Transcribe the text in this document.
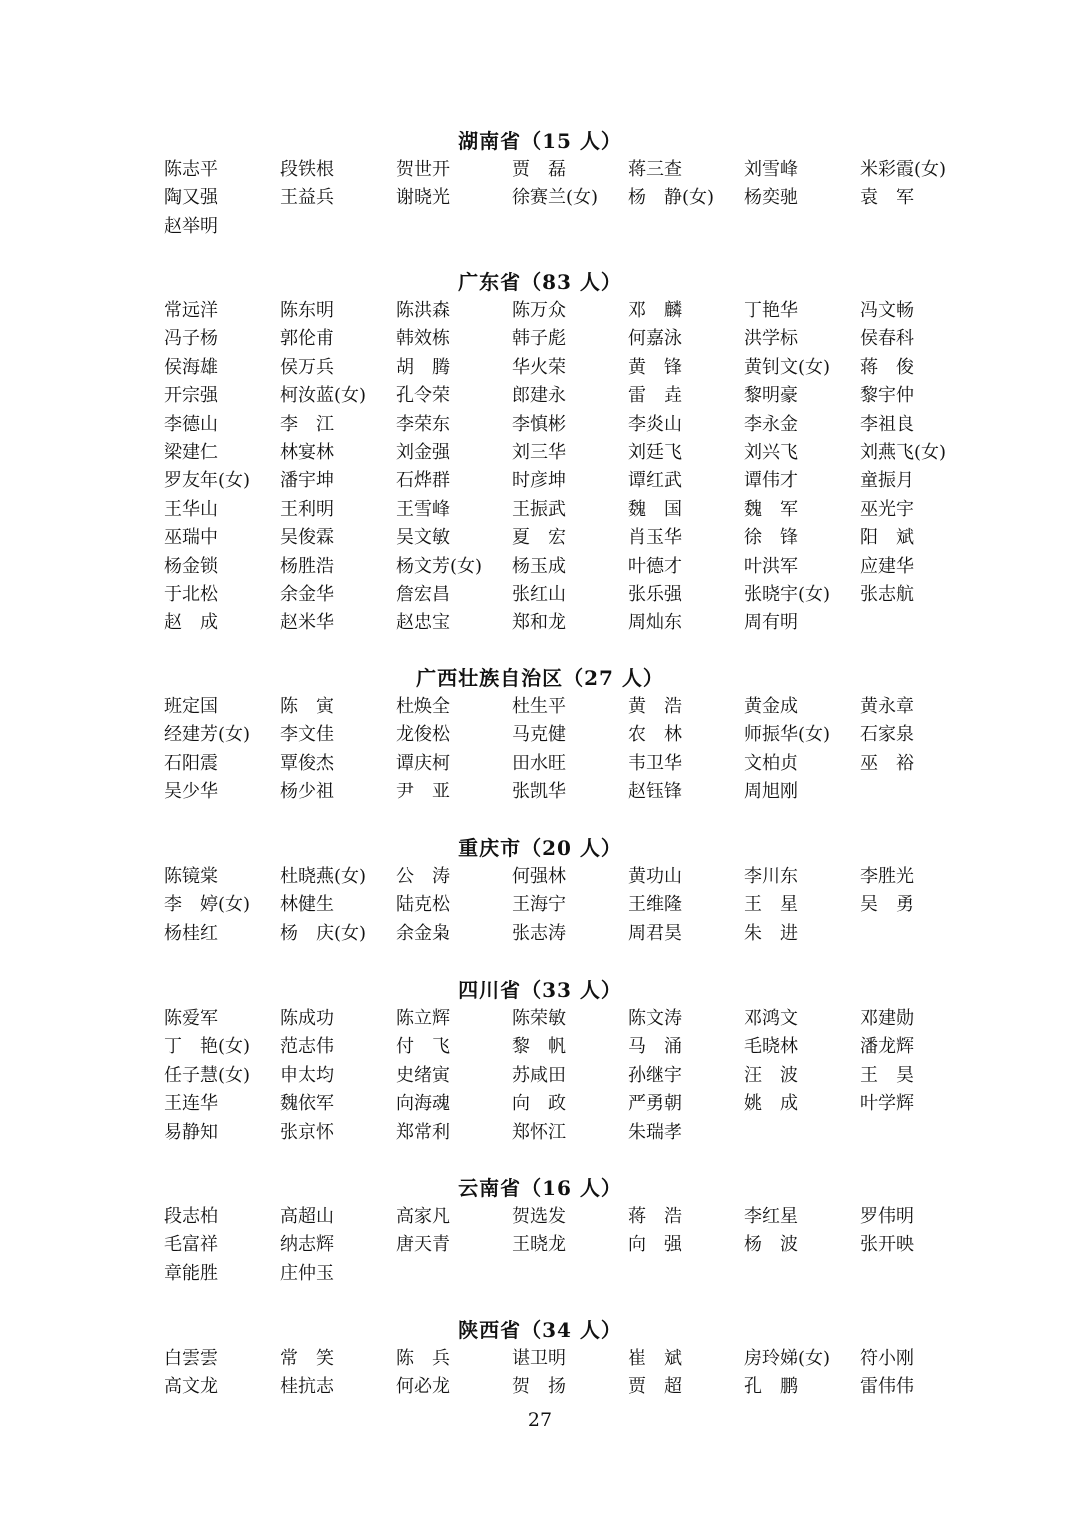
湖南省（15 人）
陈志平	段铁根	贺世开	贾　磊	蒋三查	刘雪峰	米彩霞(女)
陶又强	王益兵	谢晓光	徐赛兰(女) 杨　静(女) 杨奕驰	袁　军
赵举明
广东省（83 人）
常远洋	陈东明	陈洪森	陈万众	邓　麟	丁艳华	冯文畅
冯子杨	郭伦甫	韩效栋	韩子彪	何嘉泳	洪学标	侯春科
侯海雄	侯万兵	胡　腾	华火荣	黄　锋	黄钊文(女) 蒋　俊
开宗强	柯汝蓝(女) 孔令荣	郎建永	雷　垚	黎明豪	黎宇仲
李德山	李　江	李荣东	李慎彬	李炎山	李永金	李祖良
梁建仁	林宴林	刘金强	刘三华	刘廷飞	刘兴飞	刘燕飞(女)
罗友年(女) 潘宇坤	石烨群	时彦坤	谭红武	谭伟才	童振月
王华山	王利明	王雪峰	王振武	魏　国	魏　军	巫光宇
巫瑞中	吴俊霖	吴文敏	夏　宏	肖玉华	徐　锋	阳　斌
杨金锁	杨胜浩	杨文芳(女) 杨玉成	叶德才	叶洪军	应建华
于北松	余金华	詹宏昌	张红山	张乐强	张晓宇(女) 张志航
赵　成	赵米华	赵忠宝	郑和龙	周灿东	周有明
广西壮族自治区（27 人）
班定国	陈　寅	杜焕全	杜生平	黄　浩	黄金成	黄永章
经建芳(女) 李文佳	龙俊松	马克健	农　林	师振华(女) 石家泉
石阳震	覃俊杰	谭庆柯	田水旺	韦卫华	文柏贞	巫　裕
吴少华	杨少祖	尹　亚	张凯华	赵钰锋	周旭刚
重庆市（20 人）
陈镜棠	杜晓燕(女) 公　涛	何强林	黄功山	李川东	李胜光
李　婷(女) 林健生	陆克松	王海宁	王维隆	王　星	吴　勇
杨桂红	杨　庆(女) 余金枭	张志涛	周君昊	朱　进
四川省（33 人）
陈爱军	陈成功	陈立辉	陈荣敏	陈文涛	邓鸿文	邓建勋
丁　艳(女) 范志伟	付　飞	黎　帆	马　涌	毛晓林	潘龙辉
任子慧(女) 申太均	史绪寅	苏咸田	孙继宇	汪　波	王　昊
王连华	魏依军	向海魂	向　政	严勇朝	姚　成	叶学辉
易静知	张京怀	郑常利	郑怀江	朱瑞孝
云南省（16 人）
段志柏	高超山	高家凡	贺选发	蒋　浩	李红星	罗伟明
毛富祥	纳志辉	唐天青	王晓龙	向　强	杨　波	张开映
章能胜	庄仲玉
陕西省（34 人）
白雲雲	常　笑	陈　兵	谌卫明	崔　斌	房玲娣(女) 符小刚
高文龙	桂抗志	何必龙	贺　扬	贾　超	孔　鹏	雷伟伟
27
